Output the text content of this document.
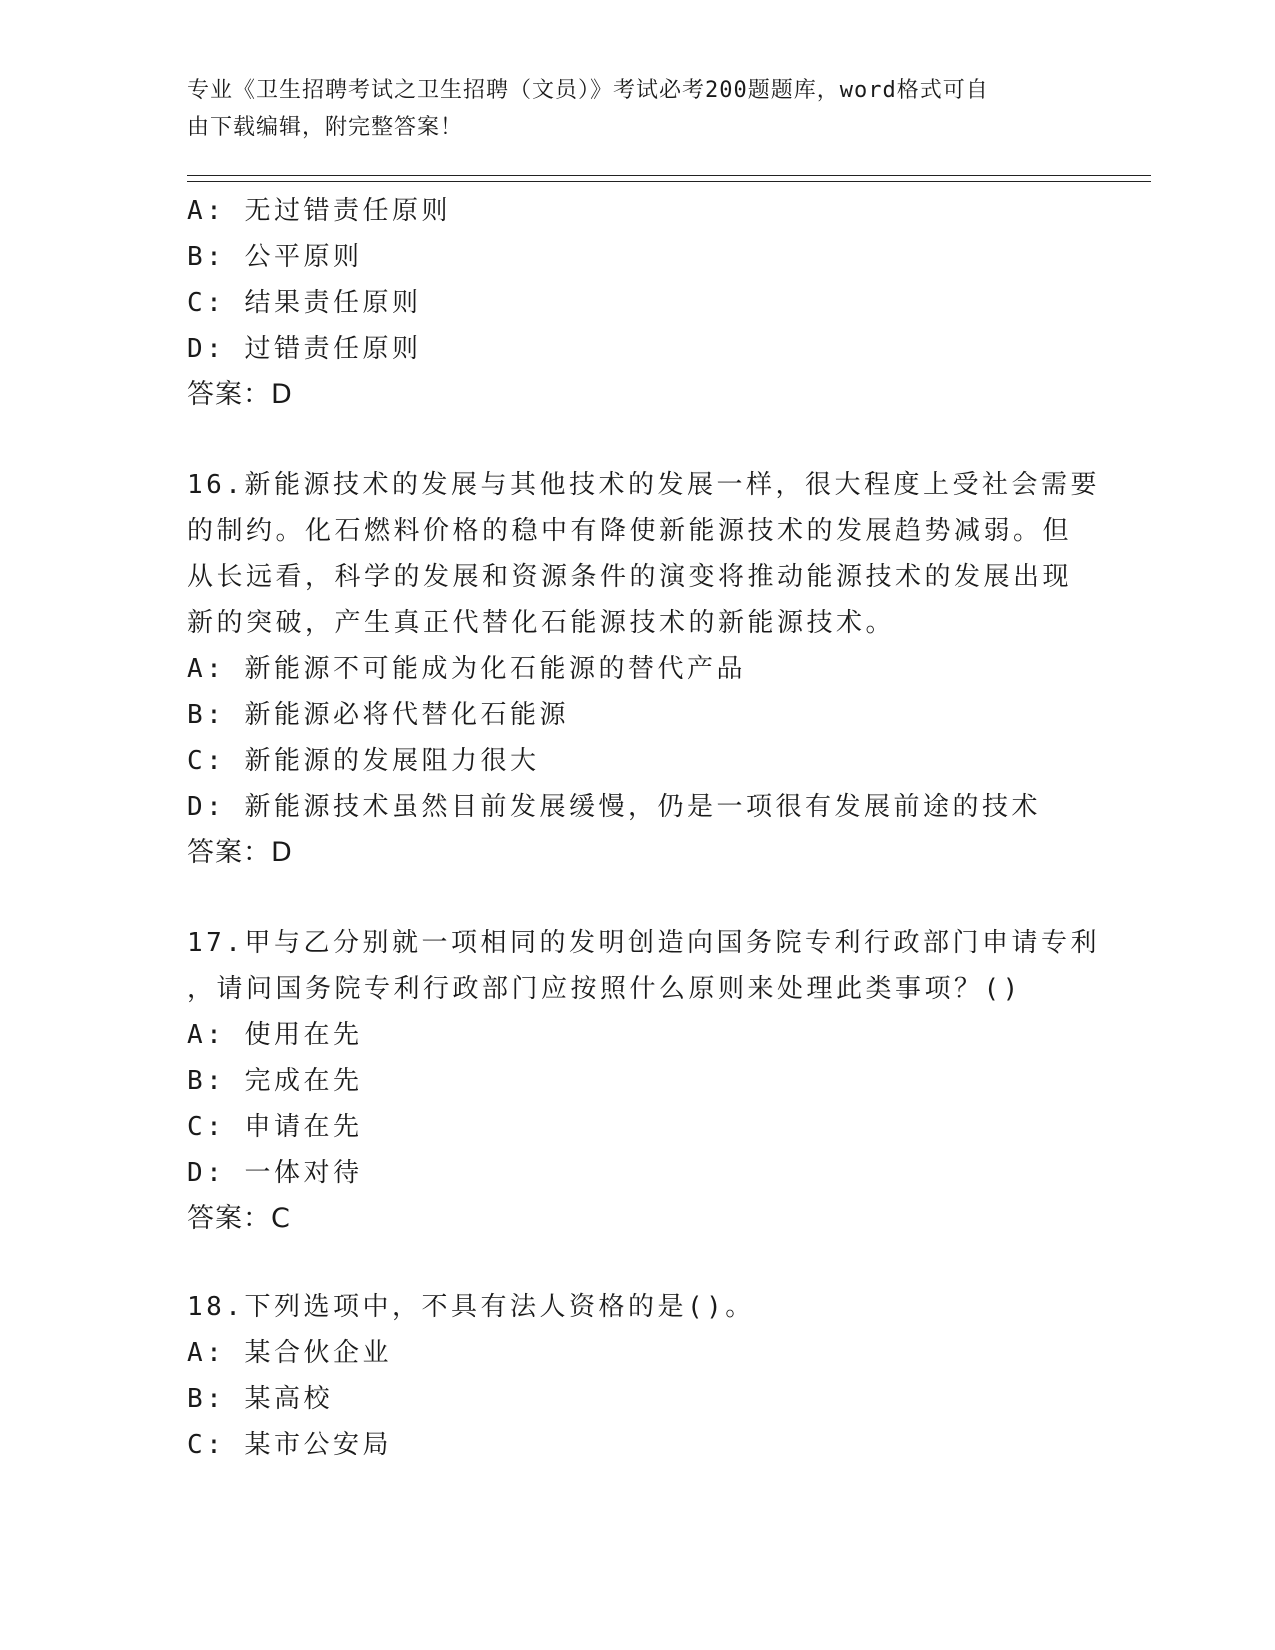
专业《卫生招聘考试之卫生招聘（文员）》考试必考200题题库，word格式可自
由下载编辑，附完整答案！
A: 无过错责任原则
B: 公平原则
C: 结果责任原则
D: 过错责任原则
答案：D
16.新能源技术的发展与其他技术的发展一样，很大程度上受社会需要
的制约。化石燃料价格的稳中有降使新能源技术的发展趋势减弱。但
从长远看，科学的发展和资源条件的演变将推动能源技术的发展出现
新的突破，产生真正代替化石能源技术的新能源技术。
A: 新能源不可能成为化石能源的替代产品
B: 新能源必将代替化石能源
C: 新能源的发展阻力很大
D: 新能源技术虽然目前发展缓慢，仍是一项很有发展前途的技术
答案：D
17.甲与乙分别就一项相同的发明创造向国务院专利行政部门申请专利
，请问国务院专利行政部门应按照什么原则来处理此类事项？()
A: 使用在先
B: 完成在先
C: 申请在先
D: 一体对待
答案：C
18.下列选项中，不具有法人资格的是()。
A: 某合伙企业
B: 某高校
C: 某市公安局
